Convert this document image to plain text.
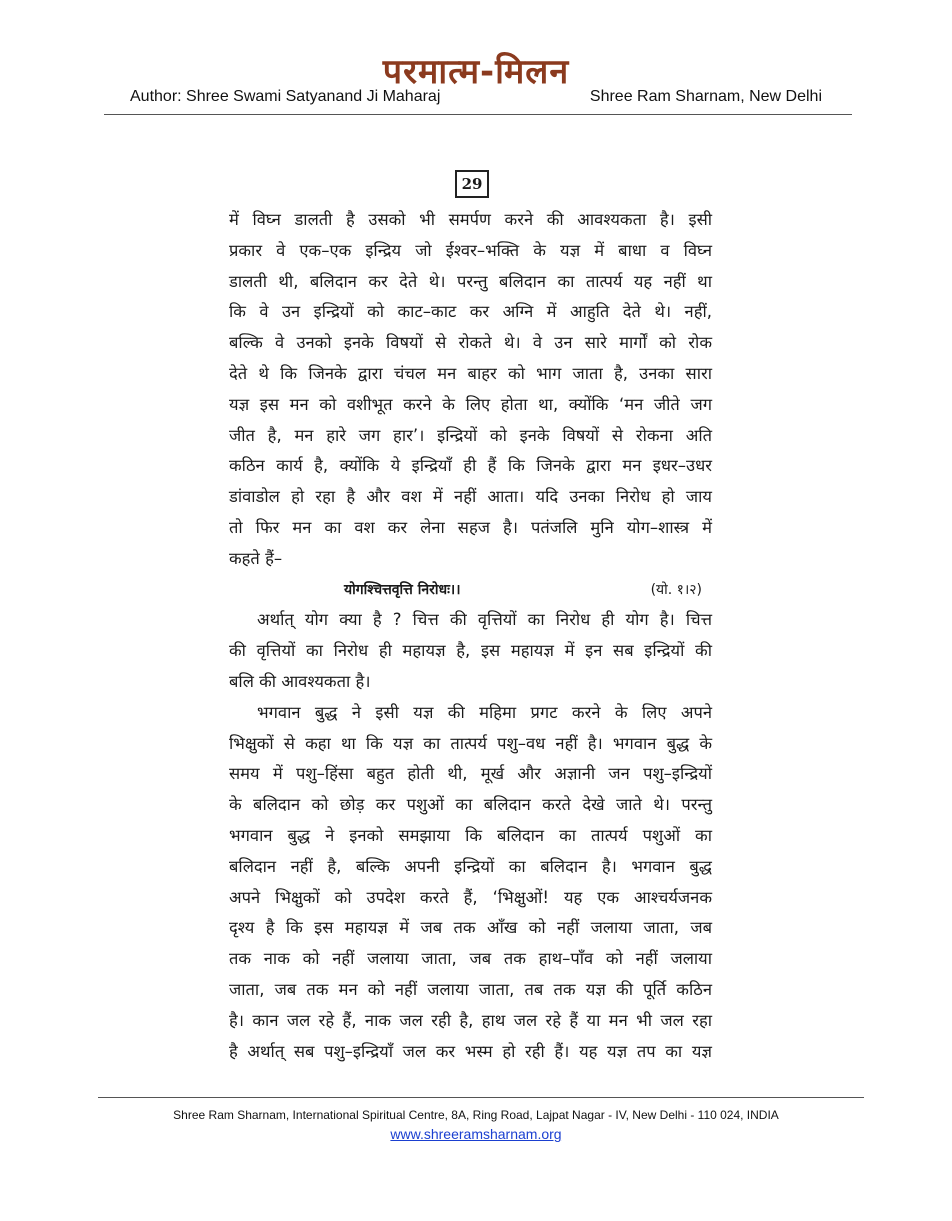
परमात्म-मिलन
Author: Shree Swami Satyanand Ji Maharaj	Shree Ram Sharnam, New Delhi
29
में विघ्न डालती है उसको भी समर्पण करने की आवश्यकता है। इसी
प्रकार वे एक–एक इन्द्रिय जो ईश्वर–भक्ति के यज्ञ में बाधा व विघ्न
डालती थी, बलिदान कर देते थे। परन्तु बलिदान का तात्पर्य यह नहीं था
कि वे उन इन्द्रियों को काट–काट कर अग्नि में आहुति देते थे। नहीं,
बल्कि वे उनको इनके विषयों से रोकते थे। वे उन सारे मार्गों को रोक
देते थे कि जिनके द्वारा चंचल मन बाहर को भाग जाता है, उनका सारा
यज्ञ इस मन को वशीभूत करने के लिए होता था, क्योंकि ‘मन जीते जग
जीत है, मन हारे जग हार’। इन्द्रियों को इनके विषयों से रोकना अति
कठिन कार्य है, क्योंकि ये इन्द्रियाँ ही हैं कि जिनके द्वारा मन इधर–उधर
डांवाडोल हो रहा है और वश में नहीं आता। यदि उनका निरोध हो जाय
तो फिर मन का वश कर लेना सहज है। पतंजलि मुनि योग–शास्त्र में
कहते हैं–
योगश्चित्तवृत्ति निरोधः।।	(यो. १।२)
अर्थात् योग क्या है ? चित्त की वृत्तियों का निरोध ही योग है। चित्त
की वृत्तियों का निरोध ही महायज्ञ है, इस महायज्ञ में इन सब इन्द्रियों की
बलि की आवश्यकता है।
भगवान बुद्ध ने इसी यज्ञ की महिमा प्रगट करने के लिए अपने
भिक्षुकों से कहा था कि यज्ञ का तात्पर्य पशु–वध नहीं है। भगवान बुद्ध के
समय में पशु–हिंसा बहुत होती थी, मूर्ख और अज्ञानी जन पशु–इन्द्रियों
के बलिदान को छोड़ कर पशुओं का बलिदान करते देखे जाते थे। परन्तु
भगवान बुद्ध ने इनको समझाया कि बलिदान का तात्पर्य पशुओं का
बलिदान नहीं है, बल्कि अपनी इन्द्रियों का बलिदान है। भगवान बुद्ध
अपने भिक्षुकों को उपदेश करते हैं, ‘भिक्षुओं! यह एक आश्चर्यजनक
दृश्य है कि इस महायज्ञ में जब तक आँख को नहीं जलाया जाता, जब
तक नाक को नहीं जलाया जाता, जब तक हाथ–पाँव को नहीं जलाया
जाता, जब तक मन को नहीं जलाया जाता, तब तक यज्ञ की पूर्ति कठिन
है। कान जल रहे हैं, नाक जल रही है, हाथ जल रहे हैं या मन भी जल रहा
है अर्थात् सब पशु–इन्द्रियाँ जल कर भस्म हो रही हैं। यह यज्ञ तप का यज्ञ
Shree Ram Sharnam, International Spiritual Centre, 8A, Ring Road, Lajpat Nagar - IV, New Delhi - 110 024, INDIA
www.shreeramsharnam.org
